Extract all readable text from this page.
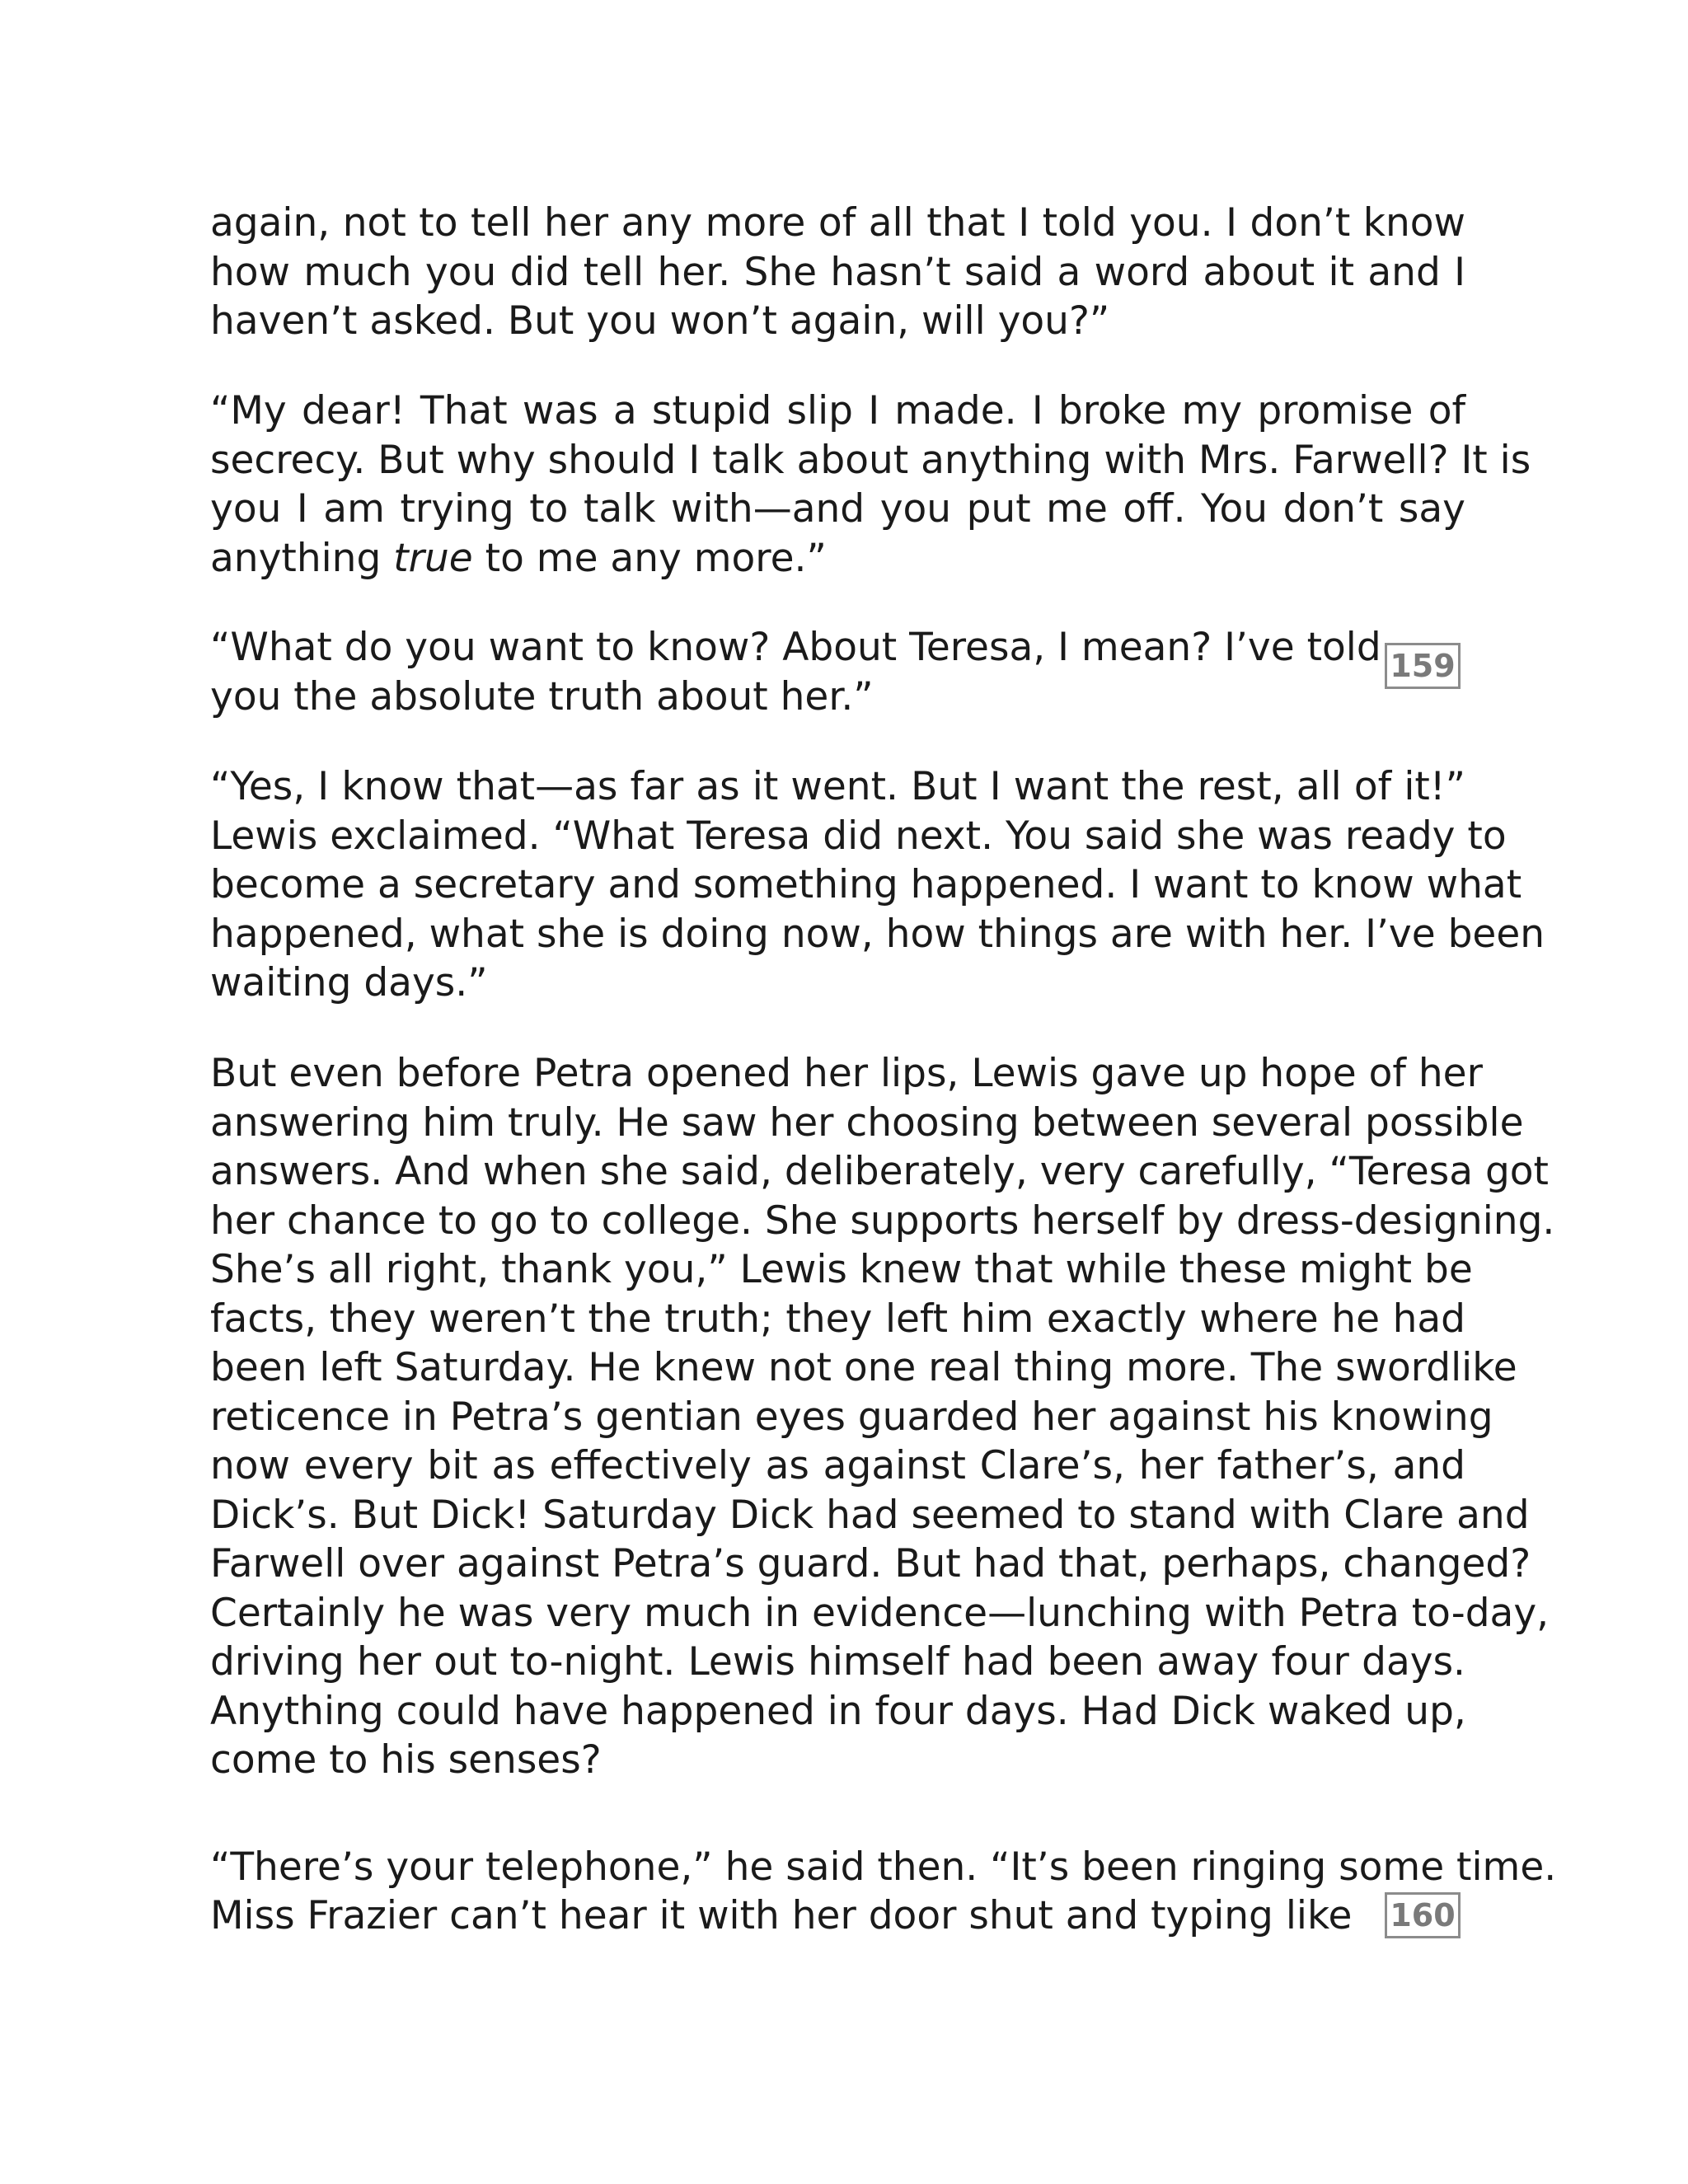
again, not to tell her any more of all that I told you. I don’t know
how much you did tell her. She hasn’t said a word about it and I
haven’t asked. But you won’t again, will you?”
“My dear! That was a stupid slip I made. I broke my promise of
secrecy. But why should I talk about anything with Mrs. Farwell? It is
you I am trying to talk with—and you put me off. You don’t say
anything true to me any more.”
“What do you want to know? About Teresa, I mean? I’ve told
you the absolute truth about her.”
159
“Yes, I know that—as far as it went. But I want the rest, all of it!”
Lewis exclaimed. “What Teresa did next. You said she was ready to
become a secretary and something happened. I want to know what
happened, what she is doing now, how things are with her. I’ve been
waiting days.”
But even before Petra opened her lips, Lewis gave up hope of her
answering him truly. He saw her choosing between several possible
answers. And when she said, deliberately, very carefully, “Teresa got
her chance to go to college. She supports herself by dress-designing.
She’s all right, thank you,” Lewis knew that while these might be
facts, they weren’t the truth; they left him exactly where he had
been left Saturday. He knew not one real thing more. The swordlike
reticence in Petra’s gentian eyes guarded her against his knowing
now every bit as effectively as against Clare’s, her father’s, and
Dick’s. But Dick! Saturday Dick had seemed to stand with Clare and
Farwell over against Petra’s guard. But had that, perhaps, changed?
Certainly he was very much in evidence—lunching with Petra to-day,
driving her out to-night. Lewis himself had been away four days.
Anything could have happened in four days. Had Dick waked up,
come to his senses?
“There’s your telephone,” he said then. “It’s been ringing some time.
Miss Frazier can’t hear it with her door shut and typing like 160
